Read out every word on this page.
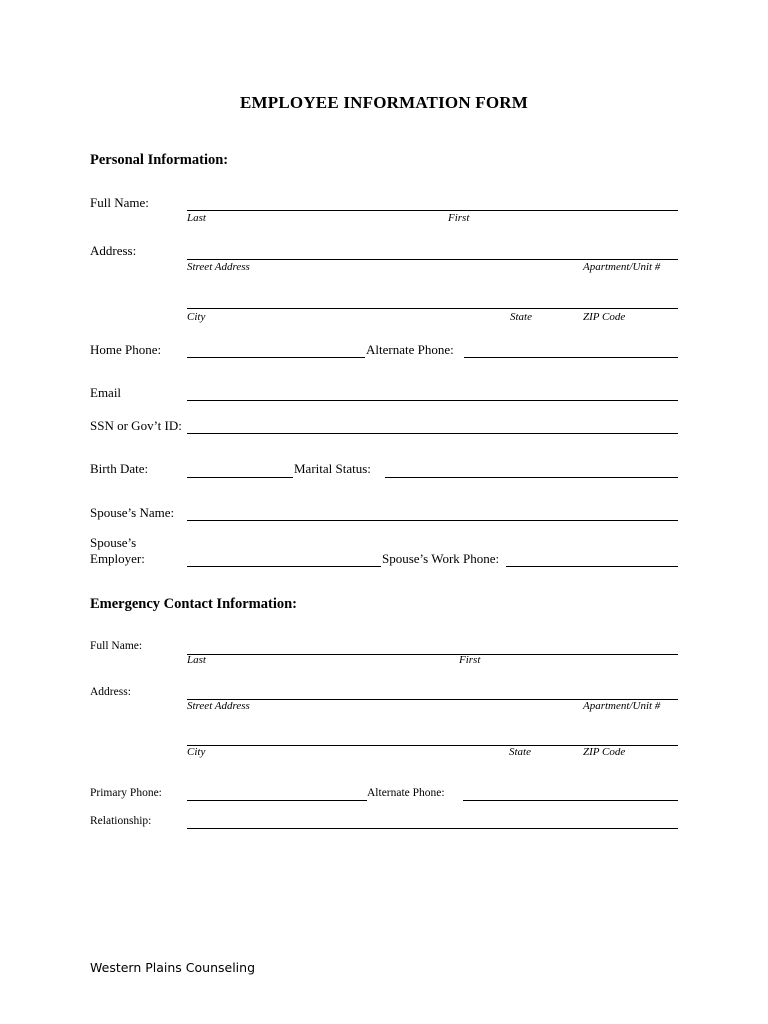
EMPLOYEE INFORMATION FORM
Personal Information:
Full Name:
Last	First
Address:
Street Address	Apartment/Unit #
City	State	ZIP Code
Home Phone:	Alternate Phone:
Email
SSN or Gov’t ID:
Birth Date:	Marital Status:
Spouse’s Name:
Spouse’s Employer:	Spouse’s Work Phone:
Emergency Contact Information:
Full Name:
Last	First
Address:
Street Address	Apartment/Unit #
City	State	ZIP Code
Primary Phone:	Alternate Phone:
Relationship:
Western Plains Counseling
